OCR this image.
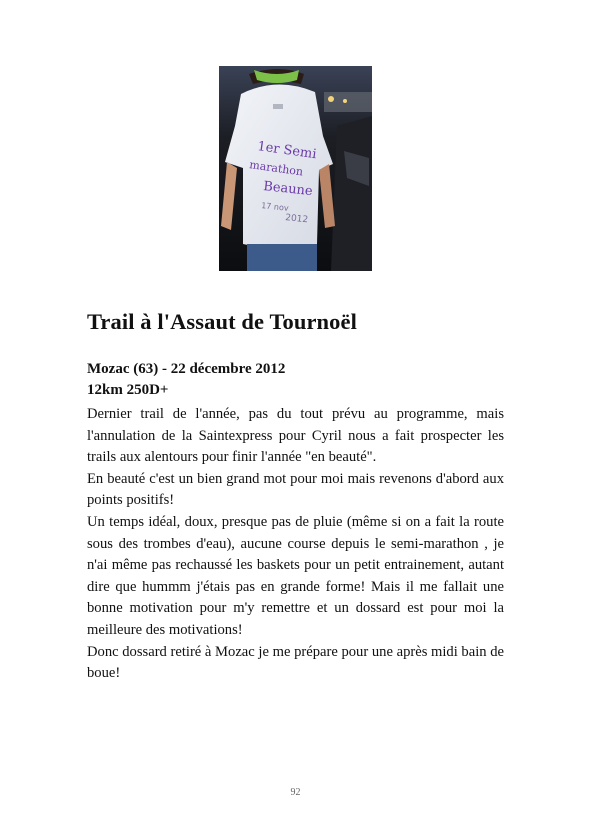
1er Semi
marathon
Beaune
17 nov
2012
Trail à l'Assaut de Tournoël
Mozac (63) - 22 décembre 2012
12km 250D+

Dernier trail de l'année, pas du tout prévu au programme, mais l'annulation de la Saintexpress pour Cyril nous a fait prospecter les trails aux alentours pour finir l'année "en beauté".

En beauté c'est un bien grand mot pour moi mais revenons d'abord aux points positifs!

Un temps idéal, doux, presque pas de pluie (même si on a fait la route sous des trombes d'eau), aucune course depuis le semi-marathon , je n'ai même pas rechaussé les baskets pour un petit entrainement, autant dire que hummm j'étais pas en grande forme! Mais il me fallait une bonne motivation pour m'y remettre et un dossard est pour moi la meilleure des motivations!

Donc dossard retiré à Mozac je me prépare pour une après midi bain de boue!

92
